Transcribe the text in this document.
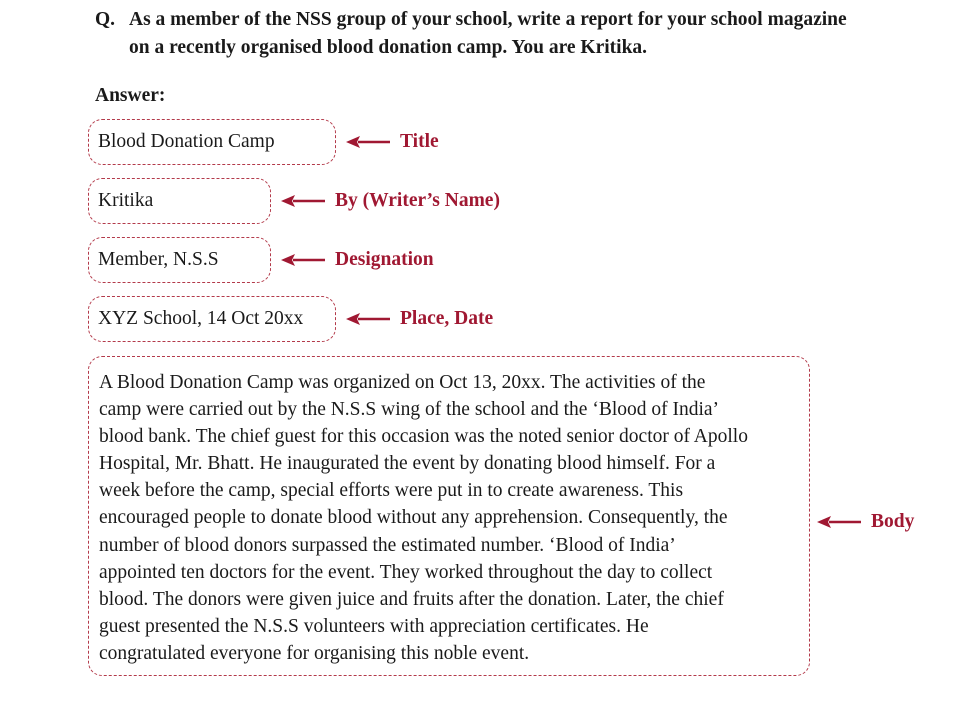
Q. As a member of the NSS group of your school, write a report for your school magazine
on a recently organised blood donation camp. You are Kritika.
Answer:
Blood Donation Camp	Title
Kritika	By (Writer’s Name)
Member, N.S.S	Designation
XYZ School, 14 Oct 20xx	Place, Date
A Blood Donation Camp was organized on Oct 13, 20xx. The activities of the
camp were carried out by the N.S.S wing of the school and the ‘Blood of India’
blood bank. The chief guest for this occasion was the noted senior doctor of Apollo
Hospital, Mr. Bhatt. He inaugurated the event by donating blood himself. For a
week before the camp, special efforts were put in to create awareness. This
encouraged people to donate blood without any apprehension. Consequently, the
number of blood donors surpassed the estimated number. ‘Blood of India’
appointed ten doctors for the event. They worked throughout the day to collect
blood. The donors were given juice and fruits after the donation. Later, the chief
guest presented the N.S.S volunteers with appreciation certificates. He
congratulated everyone for organising this noble event.
Body
